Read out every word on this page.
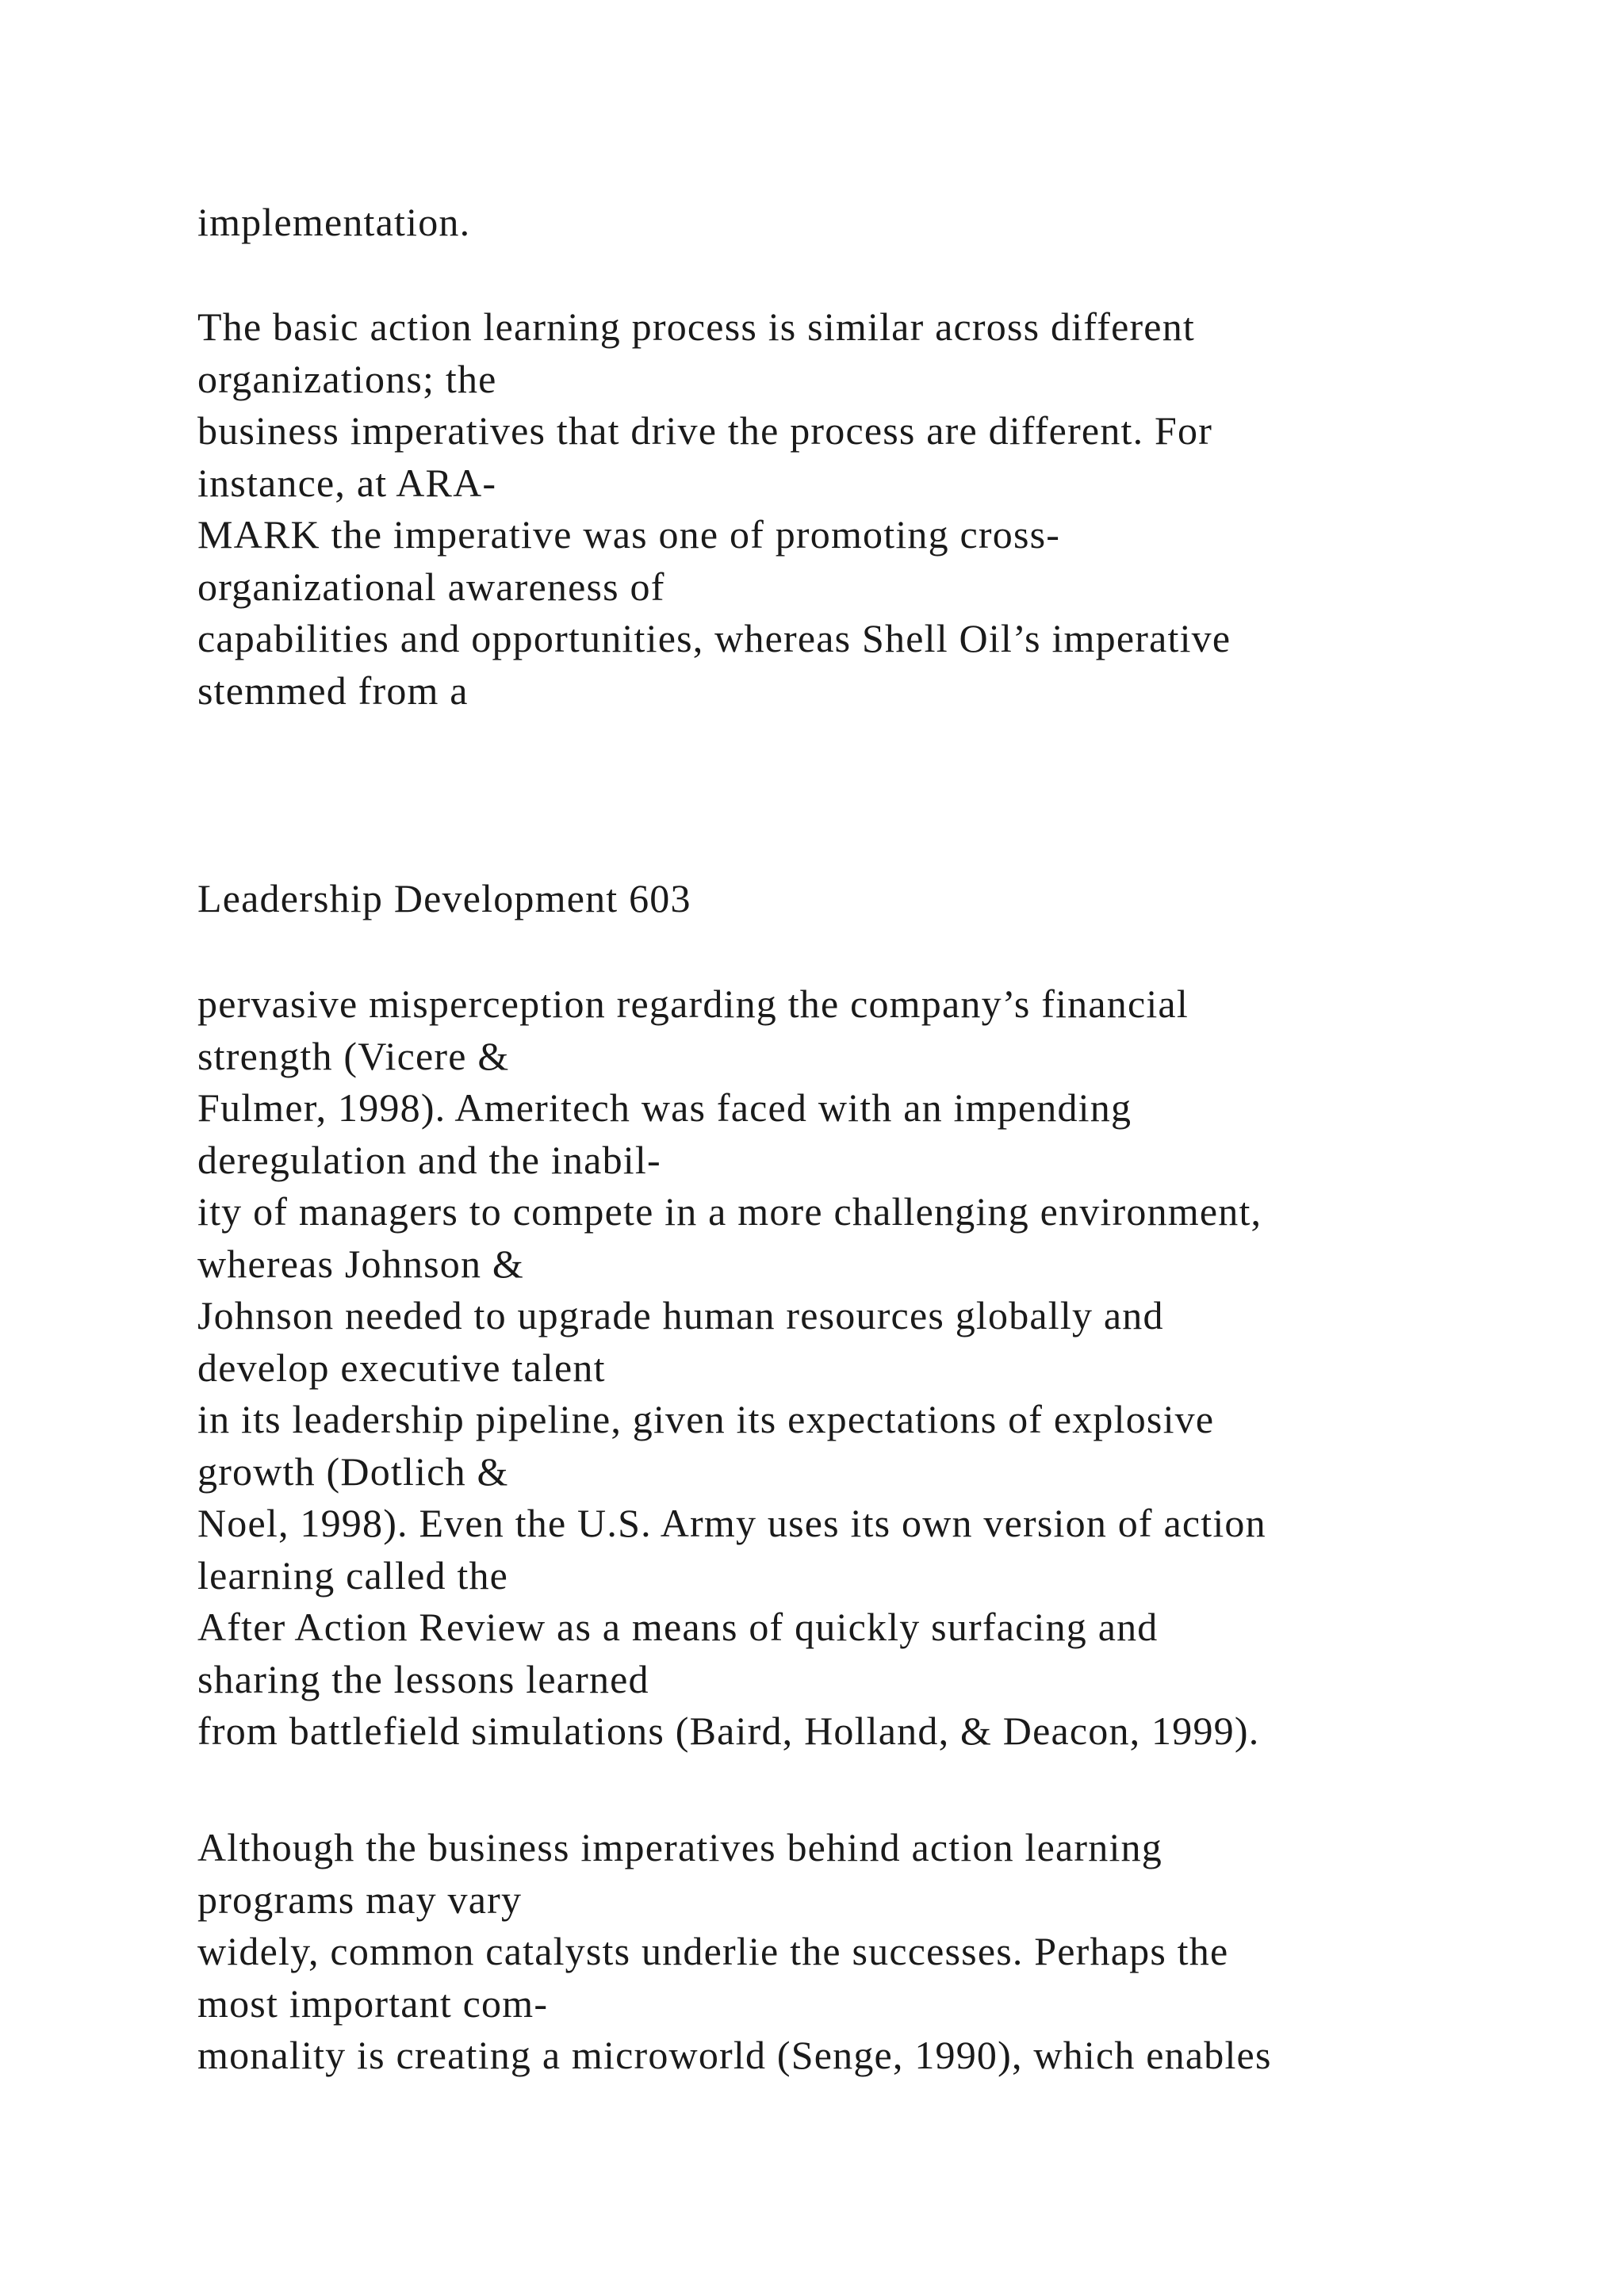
implementation.
The basic action learning process is similar across different
organizations; the
business imperatives that drive the process are different. For
instance, at ARA-
MARK the imperative was one of promoting cross-
organizational awareness of
capabilities and opportunities, whereas Shell Oil’s imperative
stemmed from a
Leadership Development 603
pervasive misperception regarding the company’s financial
strength (Vicere &
Fulmer, 1998). Ameritech was faced with an impending
deregulation and the inabil-
ity of managers to compete in a more challenging environment,
whereas Johnson &
Johnson needed to upgrade human resources globally and
develop executive talent
in its leadership pipeline, given its expectations of explosive
growth (Dotlich &
Noel, 1998). Even the U.S. Army uses its own version of action
learning called the
After Action Review as a means of quickly surfacing and
sharing the lessons learned
from battlefield simulations (Baird, Holland, & Deacon, 1999).
Although the business imperatives behind action learning
programs may vary
widely, common catalysts underlie the successes. Perhaps the
most important com-
monality is creating a microworld (Senge, 1990), which enables
